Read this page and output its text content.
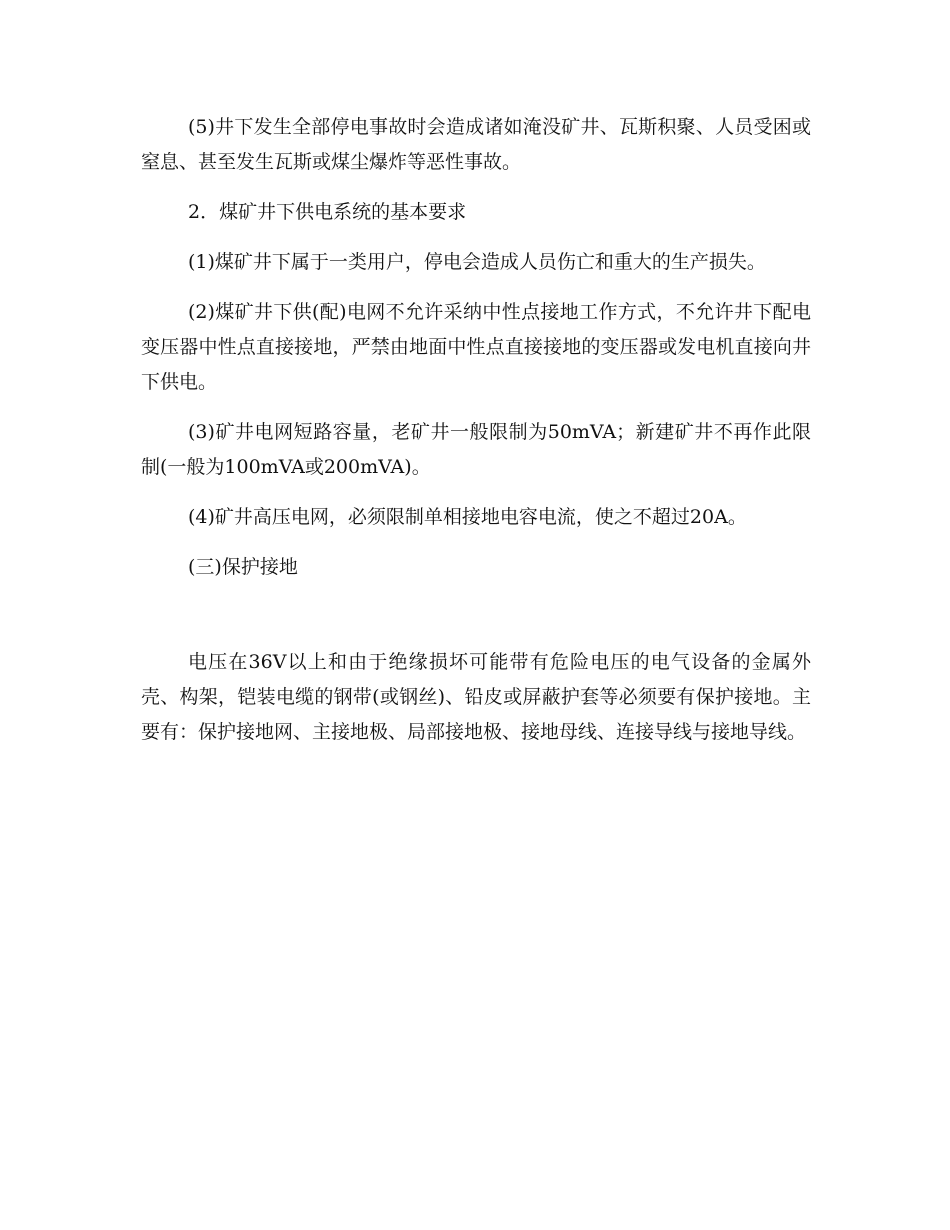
(5)井下发生全部停电事故时会造成诸如淹没矿井、瓦斯积聚、人员受困或窒息、甚至发生瓦斯或煤尘爆炸等恶性事故。

2．煤矿井下供电系统的基本要求

(1)煤矿井下属于一类用户，停电会造成人员伤亡和重大的生产损失。

(2)煤矿井下供(配)电网不允许采纳中性点接地工作方式，不允许井下配电变压器中性点直接接地，严禁由地面中性点直接接地的变压器或发电机直接向井下供电。

(3)矿井电网短路容量，老矿井一般限制为50mVA；新建矿井不再作此限制(一般为100mVA或200mVA)。

(4)矿井高压电网，必须限制单相接地电容电流，使之不超过20A。

(三)保护接地

电压在36V以上和由于绝缘损坏可能带有危险电压的电气设备的金属外壳、构架，铠装电缆的钢带(或钢丝)、铅皮或屏蔽护套等必须要有保护接地。主要有：保护接地网、主接地极、局部接地极、接地母线、连接导线与接地导线。
